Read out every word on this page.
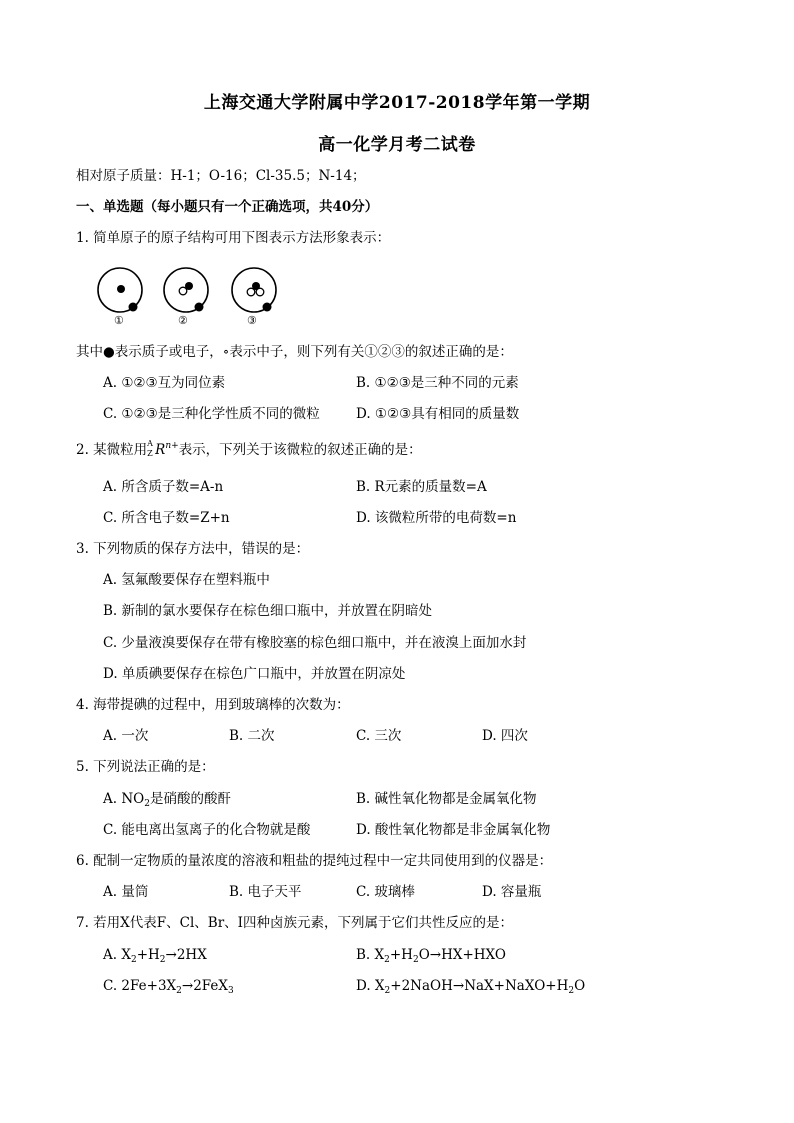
上海交通大学附属中学2017-2018学年第一学期
高一化学月考二试卷
相对原子质量：H-1；O-16；Cl-35.5；N-14；
一、单选题（每小题只有一个正确选项，共40分）
1. 简单原子的原子结构可用下图表示方法形象表示：
①	②	③
其中●表示质子或电子，∘表示中子，则下列有关①②③的叙述正确的是：
A. ①②③互为同位素	B. ①②③是三种不同的元素
C. ①②③是三种化学性质不同的微粒	D. ①②③具有相同的质量数
2. 某微粒用 A
Z $R^{n+}$表示，下列关于该微粒的叙述正确的是：
A. 所含质子数=A-n	B. R元素的质量数=A
C. 所含电子数=Z+n	D. 该微粒所带的电荷数=n
3. 下列物质的保存方法中，错误的是：
A. 氢氟酸要保存在塑料瓶中
B. 新制的氯水要保存在棕色细口瓶中，并放置在阴暗处
C. 少量液溴要保存在带有橡胶塞的棕色细口瓶中，并在液溴上面加水封
D. 单质碘要保存在棕色广口瓶中，并放置在阴凉处
4. 海带提碘的过程中，用到玻璃棒的次数为：
A. 一次	B. 二次	C. 三次	D. 四次
5. 下列说法正确的是：
A. $NO_2$是硝酸的酸酐	B. 碱性氧化物都是金属氧化物
C. 能电离出氢离子的化合物就是酸	D. 酸性氧化物都是非金属氧化物
6. 配制一定物质的量浓度的溶液和粗盐的提纯过程中一定共同使用到的仪器是：
A. 量筒	B. 电子天平	C. 玻璃棒	D. 容量瓶
7. 若用X代表F、Cl、Br、I四种卤族元素，下列属于它们共性反应的是：
A. $X_2+H_2\to 2HX$	B. $X_2+H_2O\to HX+HXO$
C. $2Fe+3X_2\to 2FeX_3$	D. $X_2+2NaOH\to NaX+NaXO+H_2O$
